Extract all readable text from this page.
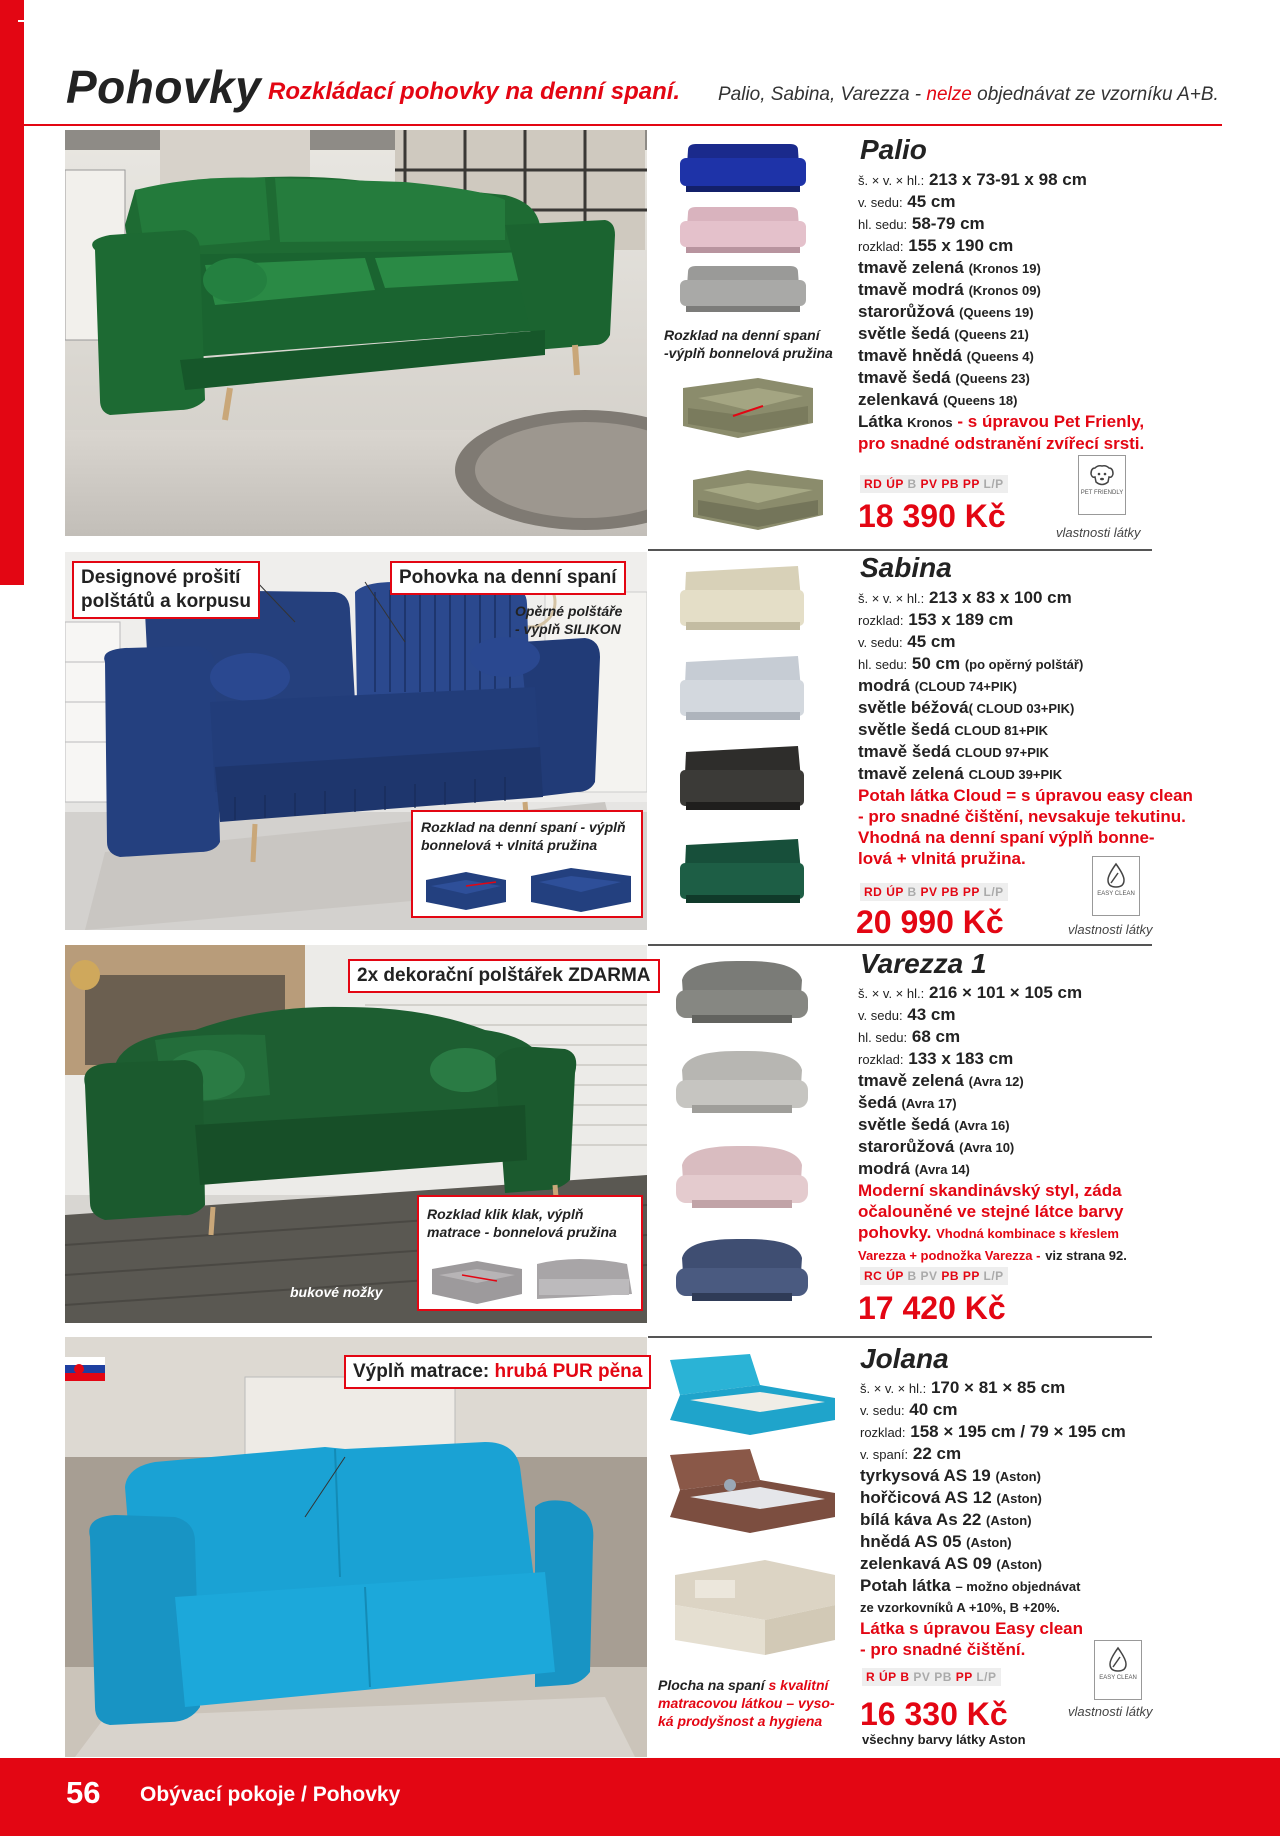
Pohovky Rozkládací pohovky na denní spaní. Palio, Sabina, Varezza - nelze objednávat ze vzorníku A+B.
Rozklad na denní spaní
-výplň bonnelová pružina
Palio
š. × v. × hl.: 213 x 73-91 x 98 cm
v. sedu: 45 cm
hl. sedu: 58-79 cm
rozklad: 155 x 190 cm
tmavě zelená (Kronos 19)
tmavě modrá (Kronos 09)
starorůžová (Queens 19)
světle šedá (Queens 21)
tmavě hnědá (Queens 4)
tmavě šedá (Queens 23)
zelenkavá (Queens 18)
Látka Kronos - s úpravou Pet Frienly,
pro snadné odstranění zvířecí srsti.
RD ÚP B PV PB PP L/P
18 390 Kč
PET FRIENDLY
vlastnosti látky
Designové prošití
polštátů a korpusu
Pohovka na denní spaní
Opěrné polštáře
- výplň SILIKON
Rozklad na denní spaní - výplň
bonnelová + vlnitá pružina
Sabina
š. × v. × hl.: 213 x 83 x 100 cm
rozklad: 153 x 189 cm
v. sedu: 45 cm
hl. sedu: 50 cm (po opěrný polštář)
modrá (CLOUD 74+PIK)
světle béžová( CLOUD 03+PIK)
světle šedá CLOUD 81+PIK
tmavě šedá CLOUD 97+PIK
tmavě zelená CLOUD 39+PIK
Potah látka Cloud = s úpravou easy clean
- pro snadné čištění, nevsakuje tekutinu.
Vhodná na denní spaní výplň bonne-
lová + vlnitá pružina.
RD ÚP B PV PB PP L/P
20 990 Kč
EASY CLEAN
vlastnosti látky
2x dekorační polštářek ZDARMA
Rozklad klik klak, výplň
matrace - bonnelová pružina
bukové nožky
Varezza 1
š. × v. × hl.: 216 × 101 × 105 cm
v. sedu: 43 cm
hl. sedu: 68 cm
rozklad: 133 x 183 cm
tmavě zelená (Avra 12)
šedá (Avra 17)
světle šedá (Avra 16)
starorůžová (Avra 10)
modrá (Avra 14)
Moderní skandinávský styl, záda
očalouněné ve stejné látce barvy
pohovky. Vhodná kombinace s křeslem
Varezza + podnožka Varezza - viz strana 92.
RC ÚP B PV PB PP L/P
17 420 Kč
Výplň matrace: hrubá PUR pěna
Plocha na spaní s kvalitní
matracovou látkou – vyso-
ká prodyšnost a hygiena
Jolana
š. × v. × hl.: 170 × 81 × 85 cm
v. sedu: 40 cm
rozklad: 158 × 195 cm / 79 × 195 cm
v. spaní: 22 cm
tyrkysová AS 19 (Aston)
hořčicová AS 12 (Aston)
bílá káva As 22 (Aston)
hnědá AS 05 (Aston)
zelenkavá AS 09 (Aston)
Potah látka – možno objednávat
ze vzorkovníků A +10%, B +20%.
Látka s úpravou Easy clean
- pro snadné čištění.
R ÚP B PV PB PP L/P
16 330 Kč
všechny barvy látky Aston
EASY CLEAN
vlastnosti látky
56 Obývací pokoje / Pohovky
